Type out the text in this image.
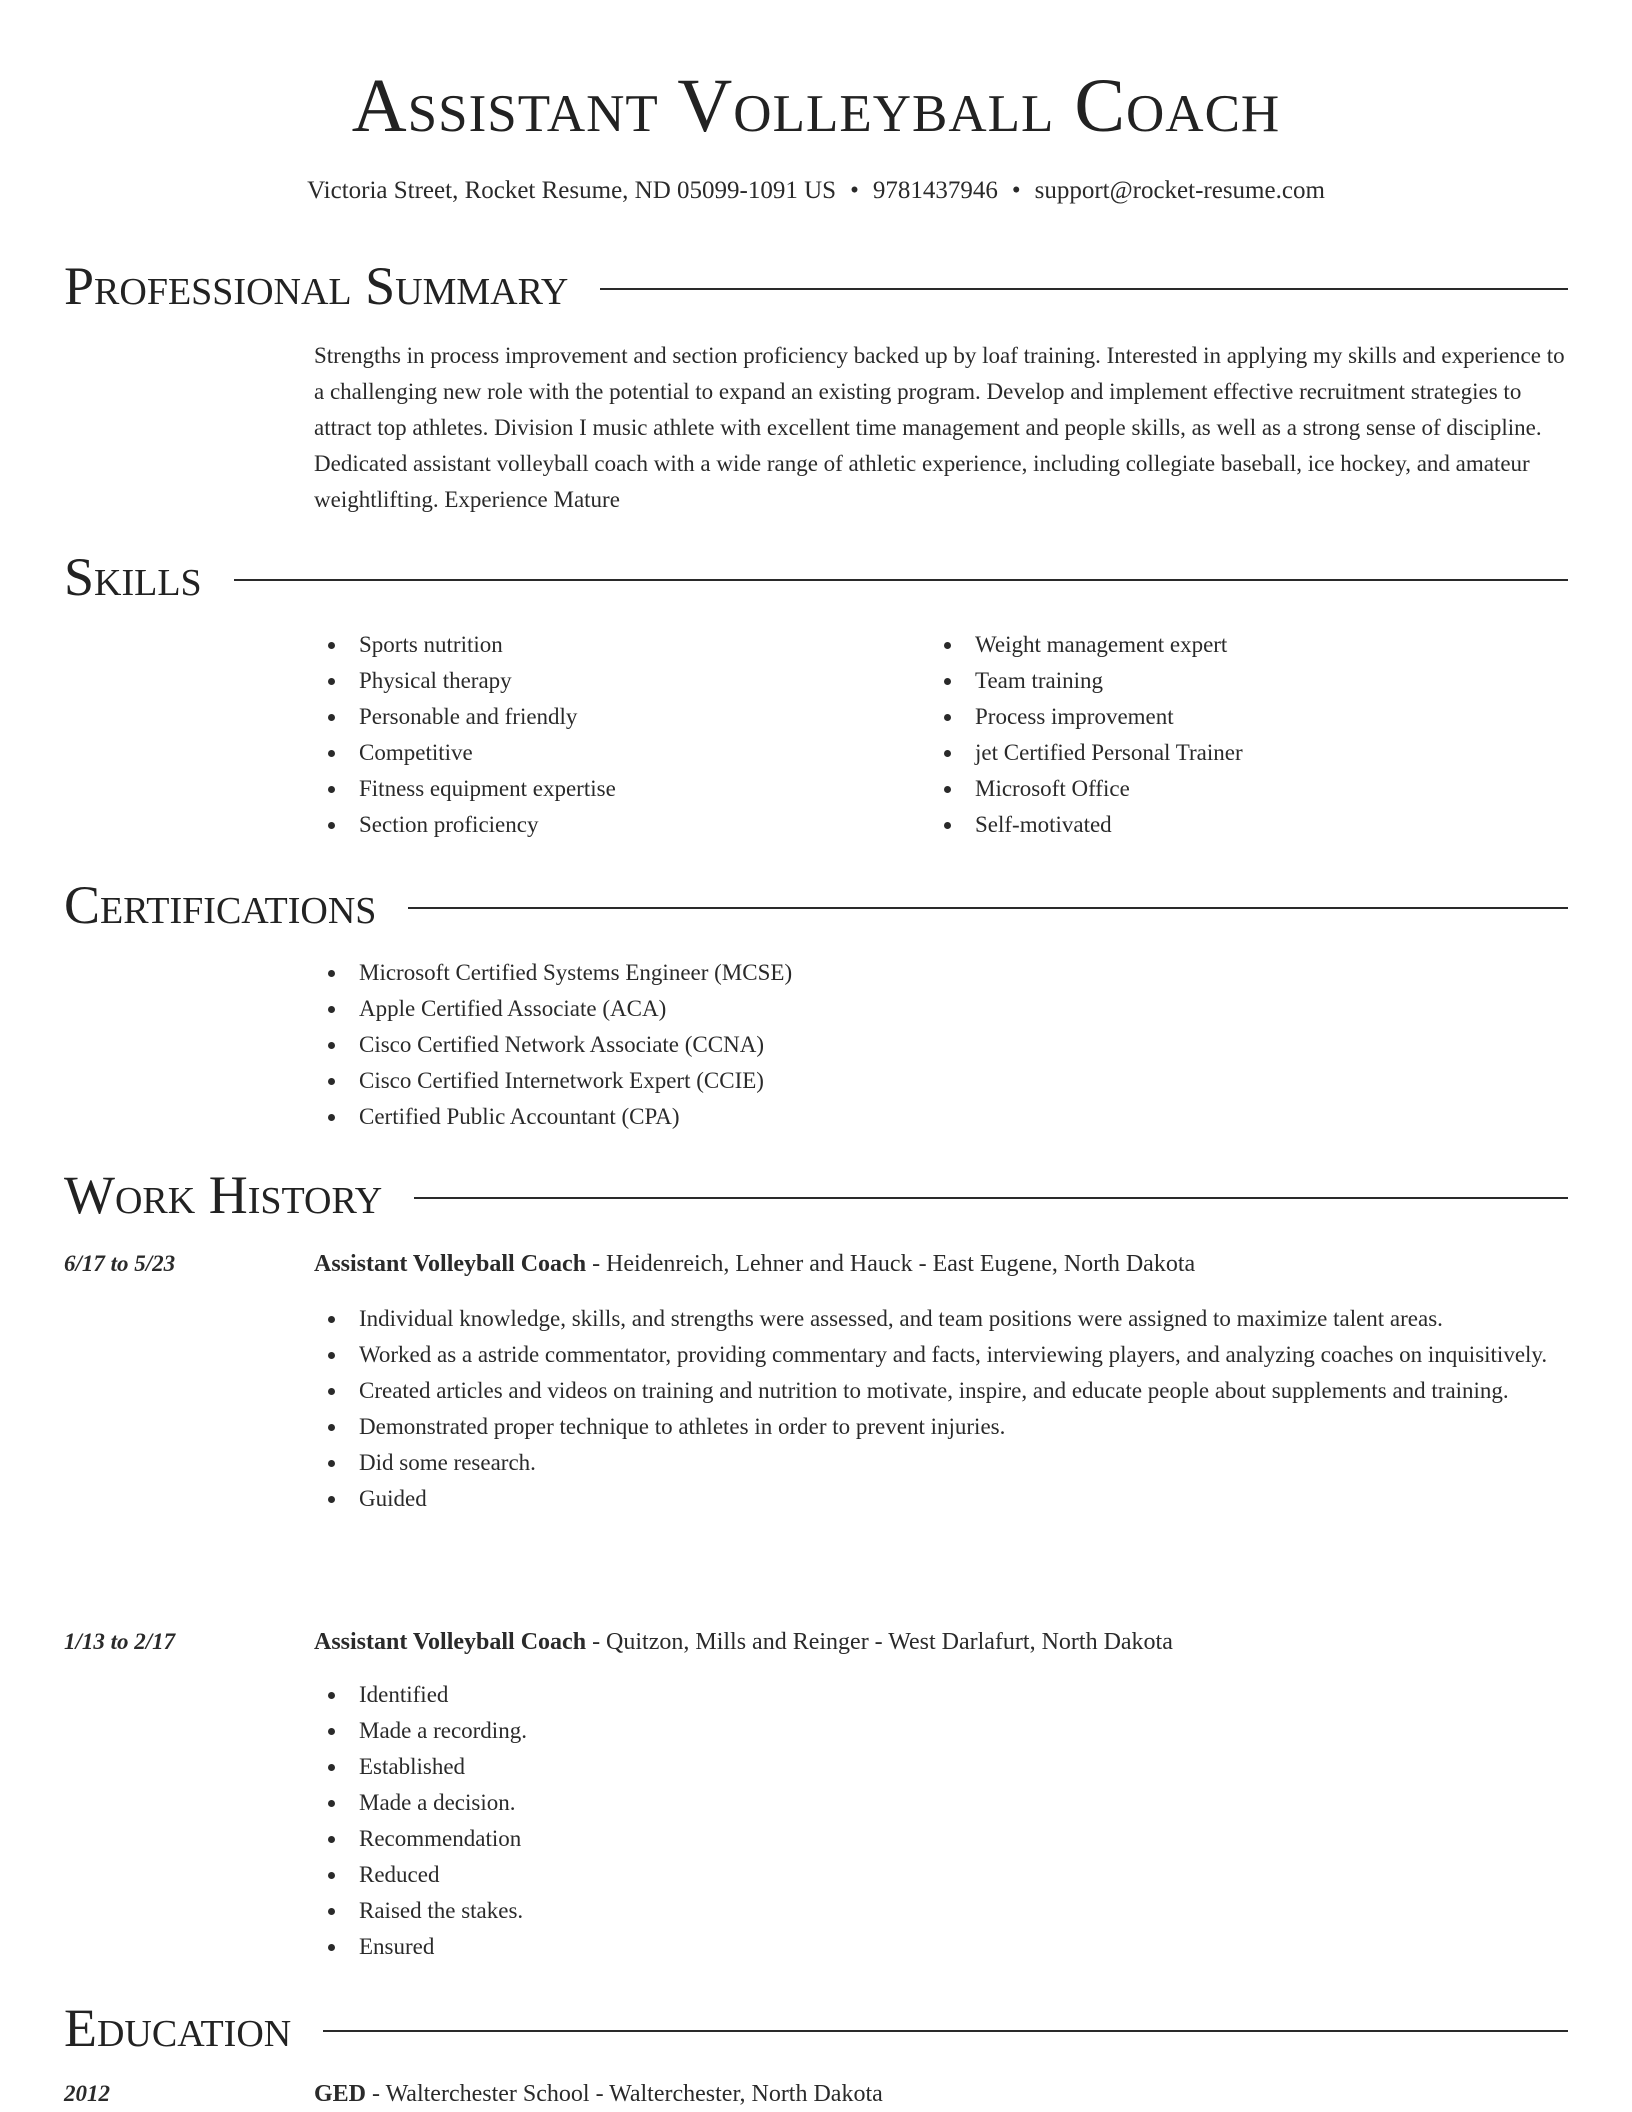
Assistant Volleyball Coach
Victoria Street, Rocket Resume, ND 05099-1091 US • 9781437946 • support@rocket-resume.com
Professional Summary

Strengths in process improvement and section proficiency backed up by loaf training. Interested in applying my skills and experience to a challenging new role with the potential to expand an existing program. Develop and implement effective recruitment strategies to attract top athletes. Division I music athlete with excellent time management and people skills, as well as a strong sense of discipline. Dedicated assistant volleyball coach with a wide range of athletic experience, including collegiate baseball, ice hockey, and amateur weightlifting. Experience Mature

Skills
Sports nutrition
Physical therapy
Personable and friendly
Competitive
Fitness equipment expertise
Section proficiency
Weight management expert
Team training
Process improvement
jet Certified Personal Trainer
Microsoft Office
Self-motivated
Certifications
Microsoft Certified Systems Engineer (MCSE)
Apple Certified Associate (ACA)
Cisco Certified Network Associate (CCNA)
Cisco Certified Internetwork Expert (CCIE)
Certified Public Accountant (CPA)
Work History
6/17 to 5/23	Assistant Volleyball Coach - Heidenreich, Lehner and Hauck - East Eugene, North Dakota
Individual knowledge, skills, and strengths were assessed, and team positions were assigned to maximize talent areas.
Worked as a astride commentator, providing commentary and facts, interviewing players, and analyzing coaches on inquisitively.
Created articles and videos on training and nutrition to motivate, inspire, and educate people about supplements and training.
Demonstrated proper technique to athletes in order to prevent injuries.
Did some research.
Guided
1/13 to 2/17	Assistant Volleyball Coach - Quitzon, Mills and Reinger - West Darlafurt, North Dakota
Identified
Made a recording.
Established
Made a decision.
Recommendation
Reduced
Raised the stakes.
Ensured
Education
2012	GED - Walterchester School - Walterchester, North Dakota
